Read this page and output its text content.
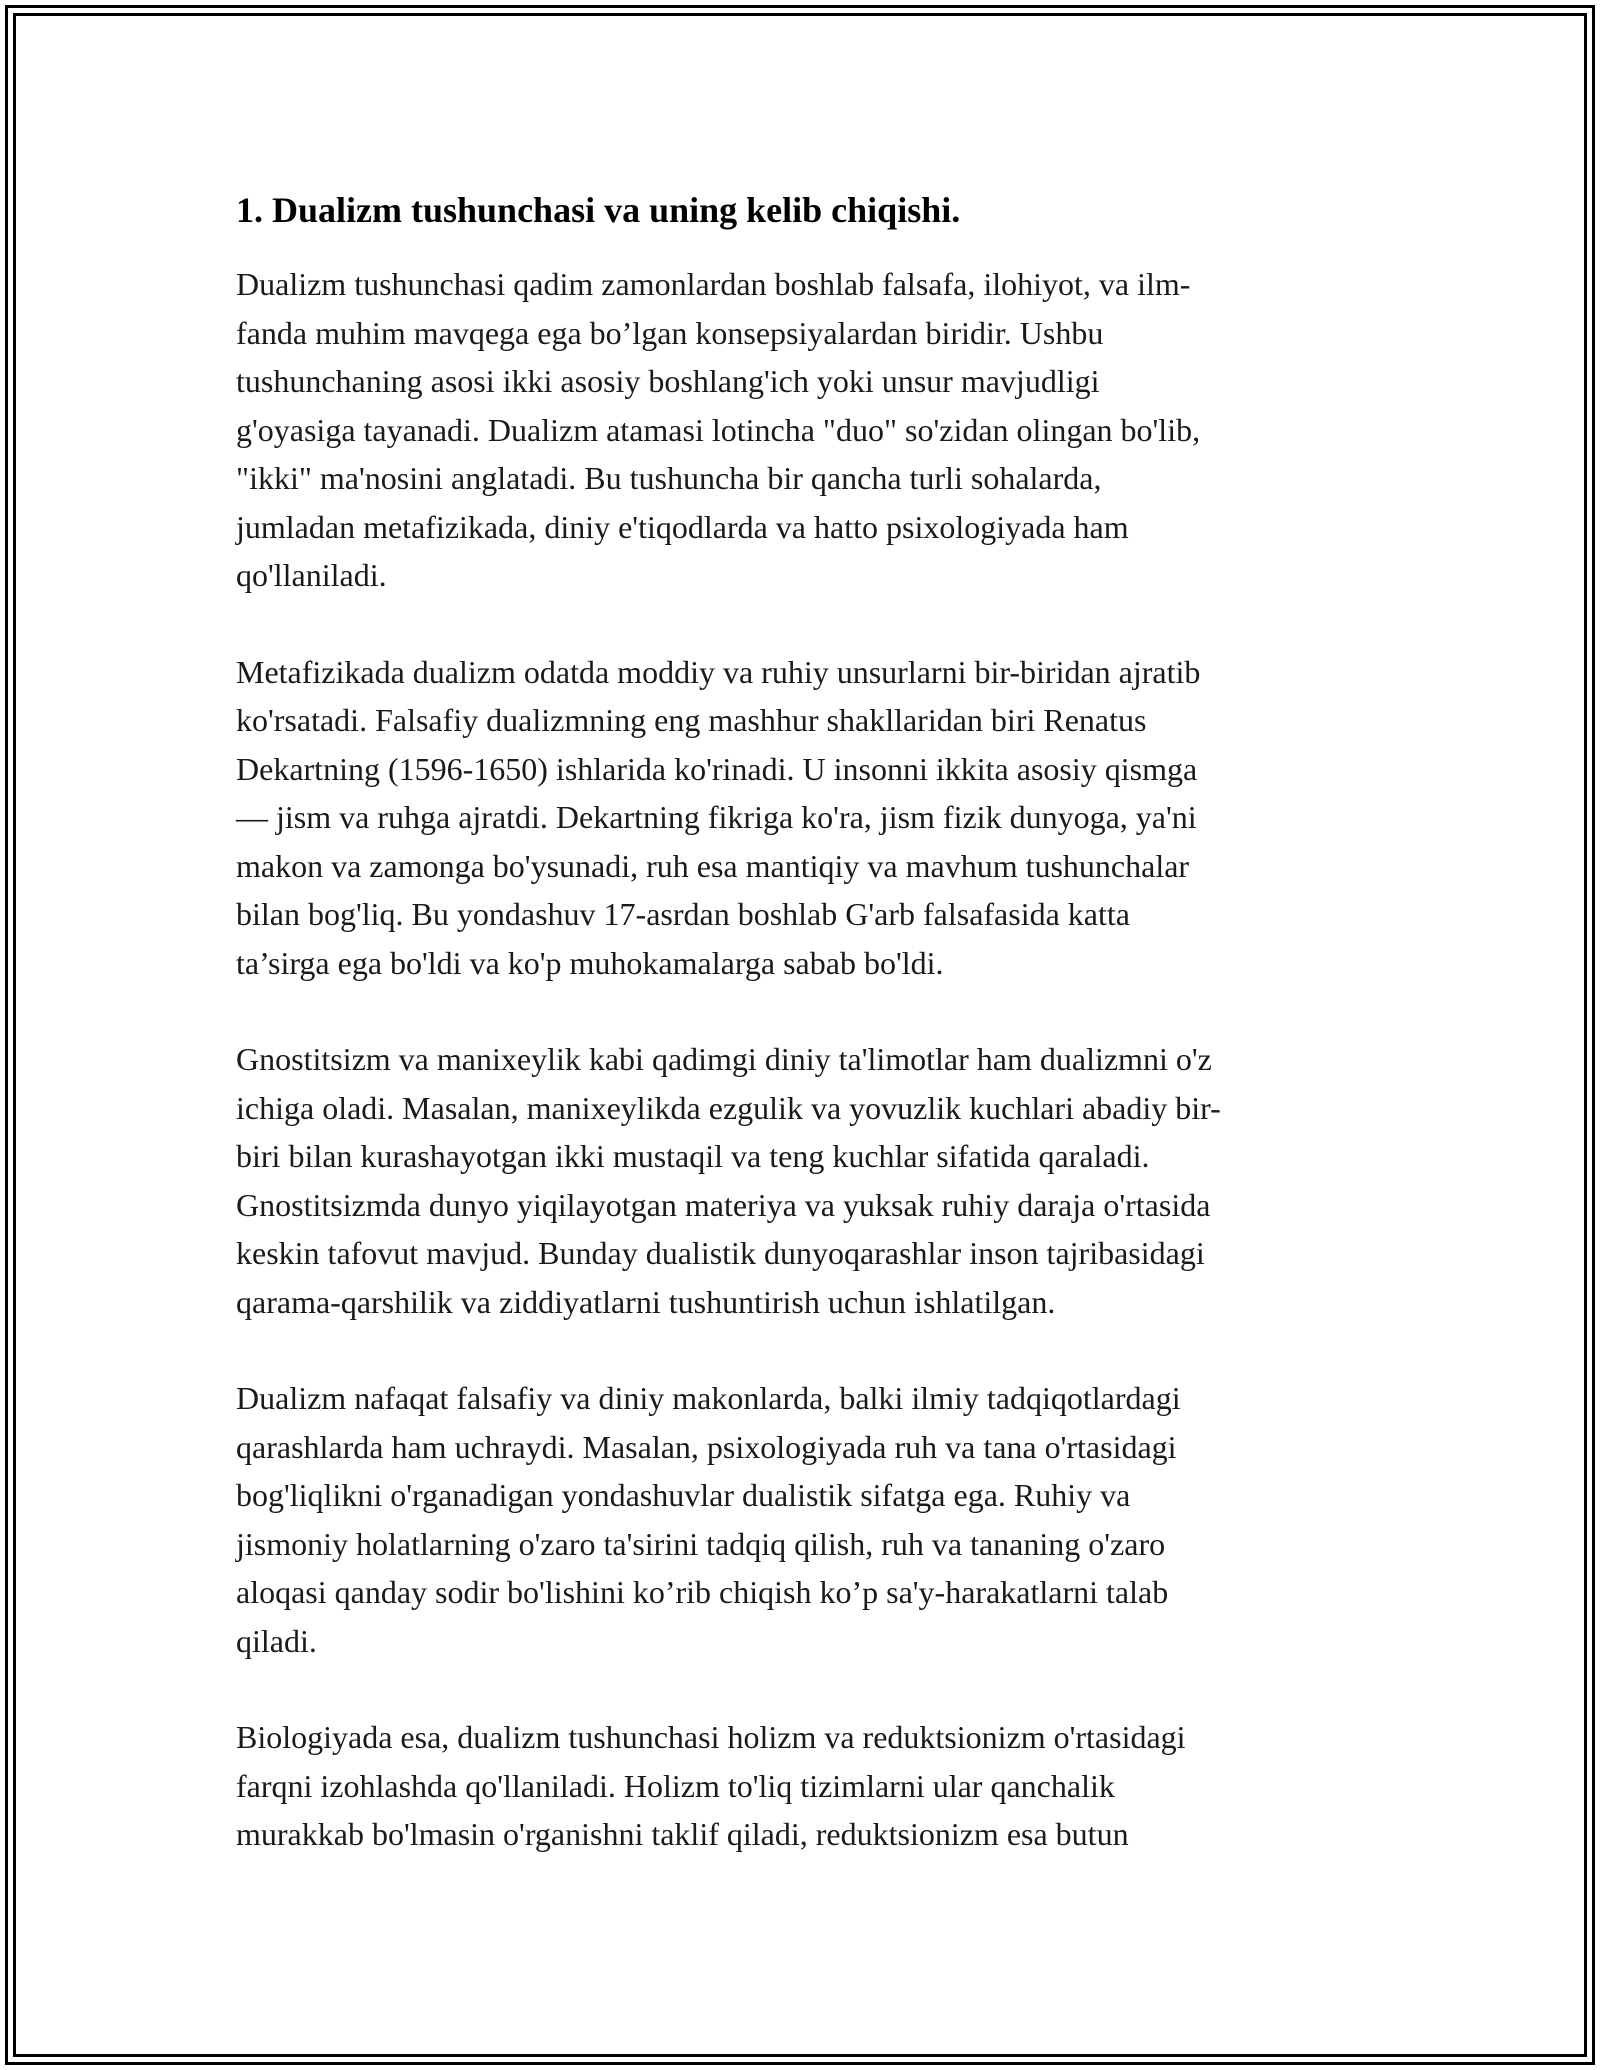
1. Dualizm tushunchasi va uning kelib chiqishi.

Dualizm tushunchasi qadim zamonlardan boshlab falsafa, ilohiyot, va ilm-
fanda muhim mavqega ega bo’lgan konsepsiyalardan biridir. Ushbu
tushunchaning asosi ikki asosiy boshlang'ich yoki unsur mavjudligi
g'oyasiga tayanadi. Dualizm atamasi lotincha "duo" so'zidan olingan bo'lib,
"ikki" ma'nosini anglatadi. Bu tushuncha bir qancha turli sohalarda,
jumladan metafizikada, diniy e'tiqodlarda va hatto psixologiyada ham
qo'llaniladi.

Metafizikada dualizm odatda moddiy va ruhiy unsurlarni bir-biridan ajratib
ko'rsatadi. Falsafiy dualizmning eng mashhur shakllaridan biri Renatus
Dekartning (1596-1650) ishlarida ko'rinadi. U insonni ikkita asosiy qismga
— jism va ruhga ajratdi. Dekartning fikriga ko'ra, jism fizik dunyoga, ya'ni
makon va zamonga bo'ysunadi, ruh esa mantiqiy va mavhum tushunchalar
bilan bog'liq. Bu yondashuv 17-asrdan boshlab G'arb falsafasida katta
ta’sirga ega bo'ldi va ko'p muhokamalarga sabab bo'ldi.

Gnostitsizm va manixeylik kabi qadimgi diniy ta'limotlar ham dualizmni o'z
ichiga oladi. Masalan, manixeylikda ezgulik va yovuzlik kuchlari abadiy bir-
biri bilan kurashayotgan ikki mustaqil va teng kuchlar sifatida qaraladi.
Gnostitsizmda dunyo yiqilayotgan materiya va yuksak ruhiy daraja o'rtasida
keskin tafovut mavjud. Bunday dualistik dunyoqarashlar inson tajribasidagi
qarama-qarshilik va ziddiyatlarni tushuntirish uchun ishlatilgan.

Dualizm nafaqat falsafiy va diniy makonlarda, balki ilmiy tadqiqotlardagi
qarashlarda ham uchraydi. Masalan, psixologiyada ruh va tana o'rtasidagi
bog'liqlikni o'rganadigan yondashuvlar dualistik sifatga ega. Ruhiy va
jismoniy holatlarning o'zaro ta'sirini tadqiq qilish, ruh va tananing o'zaro
aloqasi qanday sodir bo'lishini ko’rib chiqish ko’p sa'y-harakatlarni talab
qiladi.

Biologiyada esa, dualizm tushunchasi holizm va reduktsionizm o'rtasidagi
farqni izohlashda qo'llaniladi. Holizm to'liq tizimlarni ular qanchalik
murakkab bo'lmasin o'rganishni taklif qiladi, reduktsionizm esa butun
